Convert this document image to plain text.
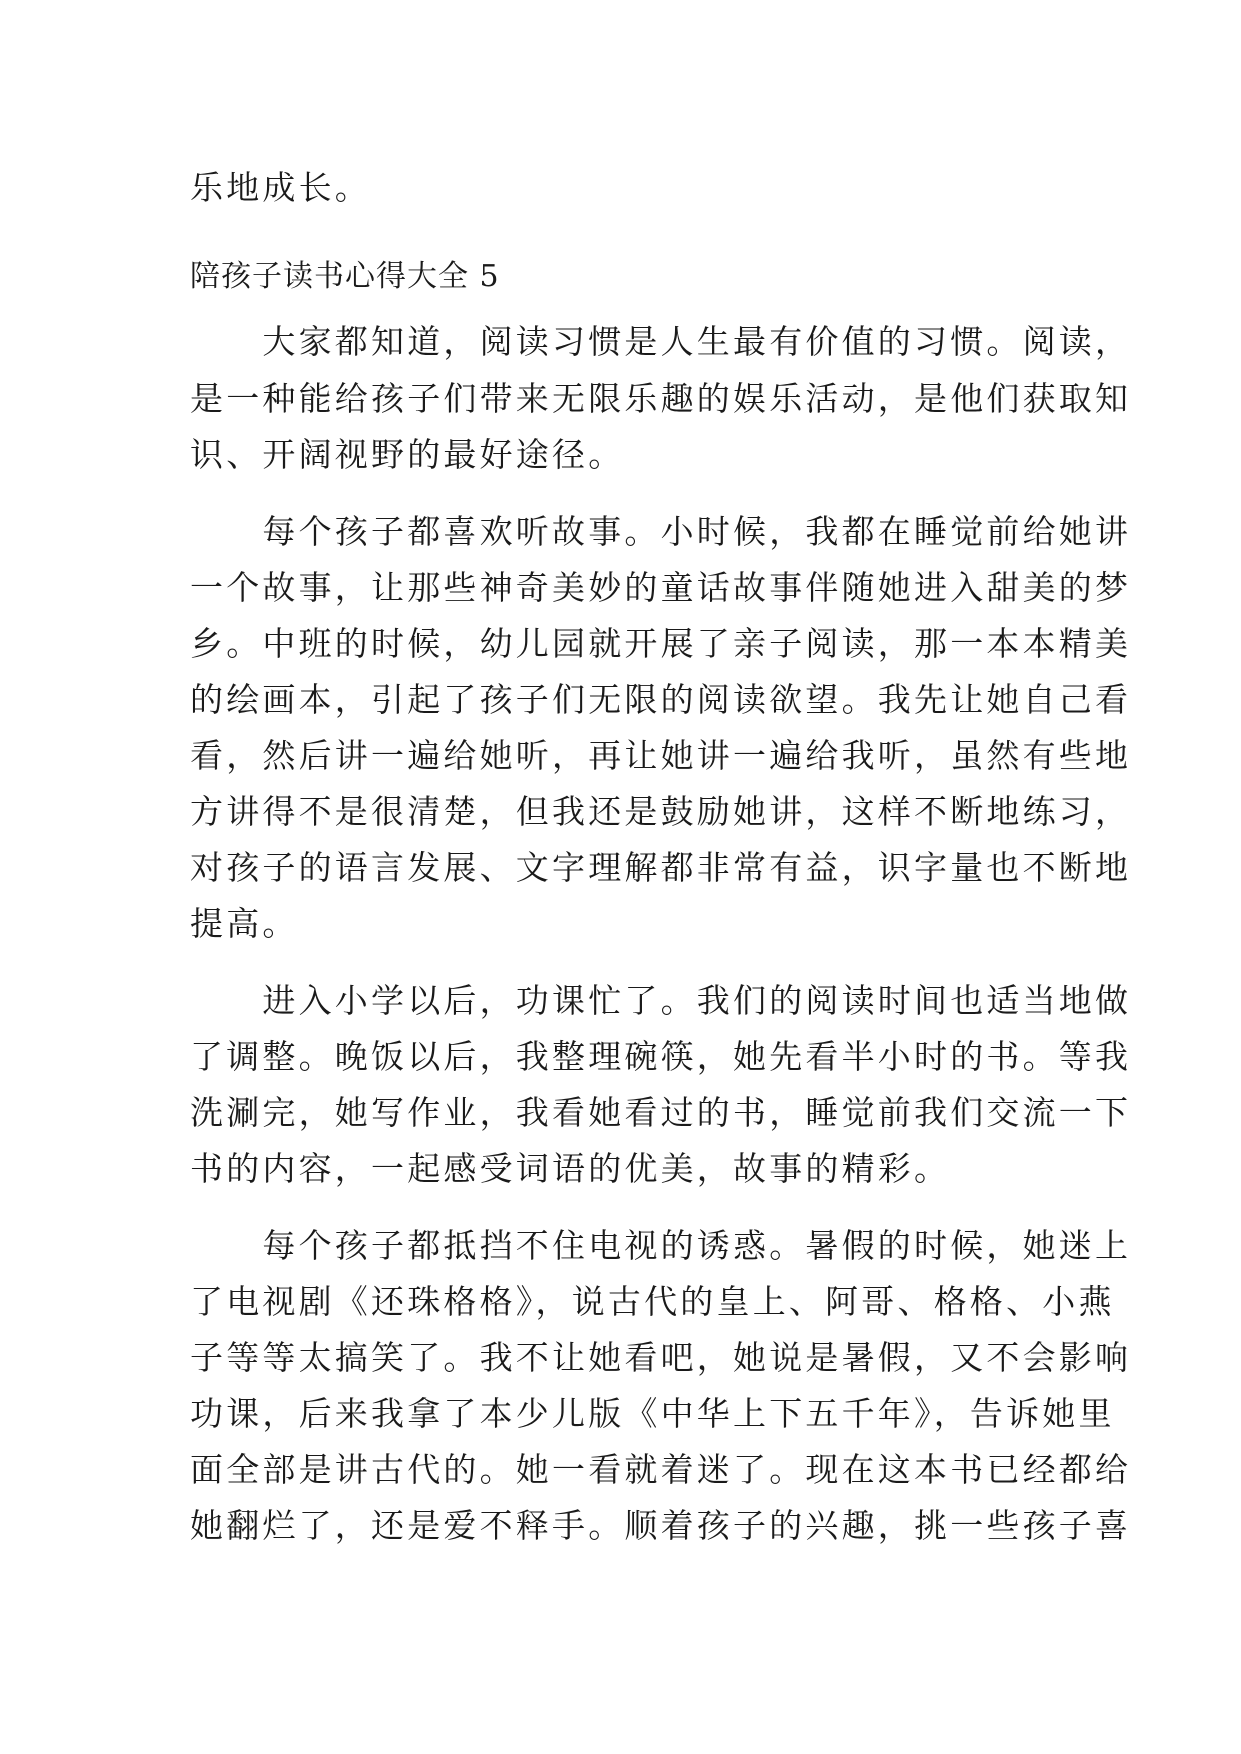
乐地成长。
陪孩子读书心得大全 5
　　大家都知道，阅读习惯是人生最有价值的习惯。阅读，
是一种能给孩子们带来无限乐趣的娱乐活动，是他们获取知
识、开阔视野的最好途径。
　　每个孩子都喜欢听故事。小时候，我都在睡觉前给她讲
一个故事，让那些神奇美妙的童话故事伴随她进入甜美的梦
乡。中班的时候，幼儿园就开展了亲子阅读，那一本本精美
的绘画本，引起了孩子们无限的阅读欲望。我先让她自己看
看，然后讲一遍给她听，再让她讲一遍给我听，虽然有些地
方讲得不是很清楚，但我还是鼓励她讲，这样不断地练习，
对孩子的语言发展、文字理解都非常有益，识字量也不断地
提高。
　　进入小学以后，功课忙了。我们的阅读时间也适当地做
了调整。晚饭以后，我整理碗筷，她先看半小时的书。等我
洗涮完，她写作业，我看她看过的书，睡觉前我们交流一下
书的内容，一起感受词语的优美，故事的精彩。
　　每个孩子都抵挡不住电视的诱惑。暑假的时候，她迷上
了电视剧《还珠格格》，说古代的皇上、阿哥、格格、小燕
子等等太搞笑了。我不让她看吧，她说是暑假，又不会影响
功课，后来我拿了本少儿版《中华上下五千年》，告诉她里
面全部是讲古代的。她一看就着迷了。现在这本书已经都给
她翻烂了，还是爱不释手。顺着孩子的兴趣，挑一些孩子喜
